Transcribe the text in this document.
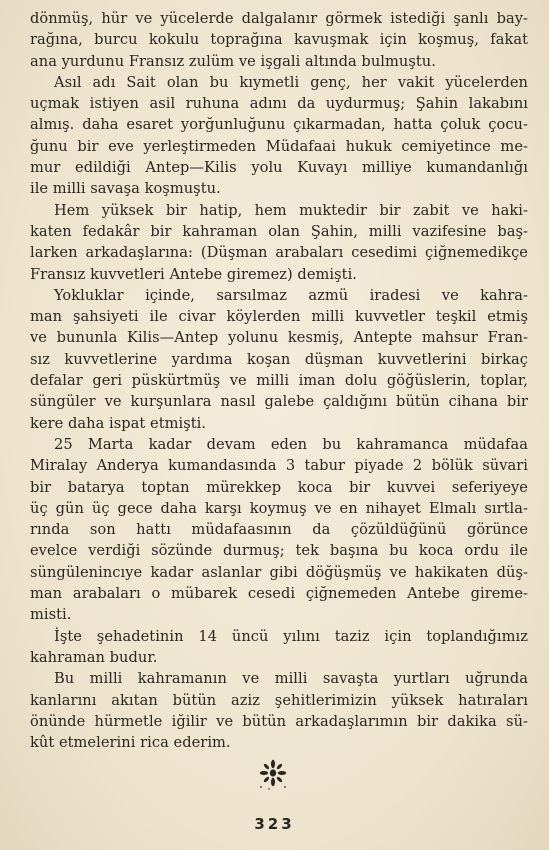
dönmüş, hür ve yücelerde dalgalanır görmek istediği şanlı bay-
rağına, burcu kokulu toprağına kavuşmak için koşmuş, fakat
ana yurdunu Fransız zulüm ve işgali altında bulmuştu.
Asıl adı Sait olan bu kıymetli genç, her vakit yücelerden
uçmak istiyen asil ruhuna adını da uydurmuş; Şahin lakabını
almış. daha esaret yorğunluğunu çıkarmadan, hatta çoluk çocu-
ğunu bir eve yerleştirmeden Müdafaai hukuk cemiyetince me-
mur edildiği Antep—Kilis yolu Kuvayı milliye kumandanlığı
ile milli savaşa koşmuştu.
Hem yüksek bir hatip, hem muktedir bir zabit ve haki-
katen fedakâr bir kahraman olan Şahin, milli vazifesine baş-
larken arkadaşlarına: (Düşman arabaları cesedimi çiğnemedikçe
Fransız kuvvetleri Antebe giremez) demişti.
Yokluklar içinde, sarsılmaz azmü iradesi ve kahra-
man şahsiyeti ile civar köylerden milli kuvvetler teşkil etmiş
ve bununla Kilis—Antep yolunu kesmiş, Antepte mahsur Fran-
sız kuvvetlerine yardıma koşan düşman kuvvetlerini birkaç
defalar geri püskürtmüş ve milli iman dolu göğüslerin, toplar,
süngüler ve kurşunlara nasıl galebe çaldığını bütün cihana bir
kere daha ispat etmişti.
25 Marta kadar devam eden bu kahramanca müdafaa
Miralay Anderya kumandasında 3 tabur piyade 2 bölük süvari
bir batarya toptan mürekkep koca bir kuvvei seferiyeye
üç gün üç gece daha karşı koymuş ve en nihayet Elmalı sırtla-
rında son hattı müdafaasının da çözüldüğünü görünce
evelce verdiği sözünde durmuş; tek başına bu koca ordu ile
süngülenincıye kadar aslanlar gibi döğüşmüş ve hakikaten düş-
man arabaları o mübarek cesedi çiğnemeden Antebe gireme-
misti.
İşte şehadetinin 14 üncü yılını taziz için toplandığımız
kahraman budur.
Bu milli kahramanın ve milli savaşta yurtları uğrunda
kanlarını akıtan bütün aziz şehitlerimizin yüksek hatıraları
önünde hürmetle iğilir ve bütün arkadaşlarımın bir dakika sü-
kût etmelerini rica ederim.
323
